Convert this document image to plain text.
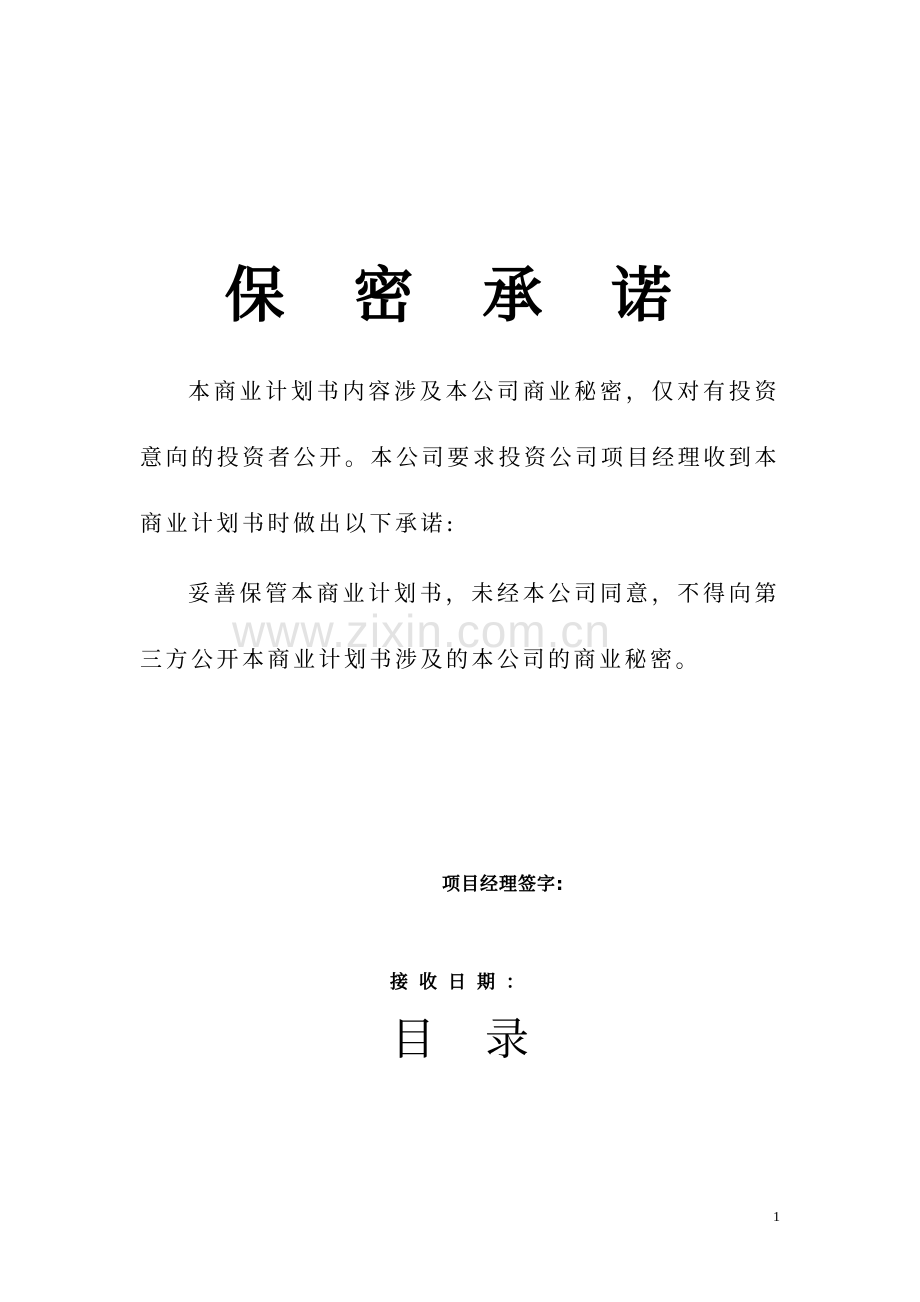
保 密 承 诺
www.zixin.com.cn
本商业计划书内容涉及本公司商业秘密，仅对有投资意向的投资者公开。本公司要求投资公司项目经理收到本商业计划书时做出以下承诺:
妥善保管本商业计划书，未经本公司同意，不得向第三方公开本商业计划书涉及的本公司的商业秘密。
项目经理签字:
接收日期：
目录
1
